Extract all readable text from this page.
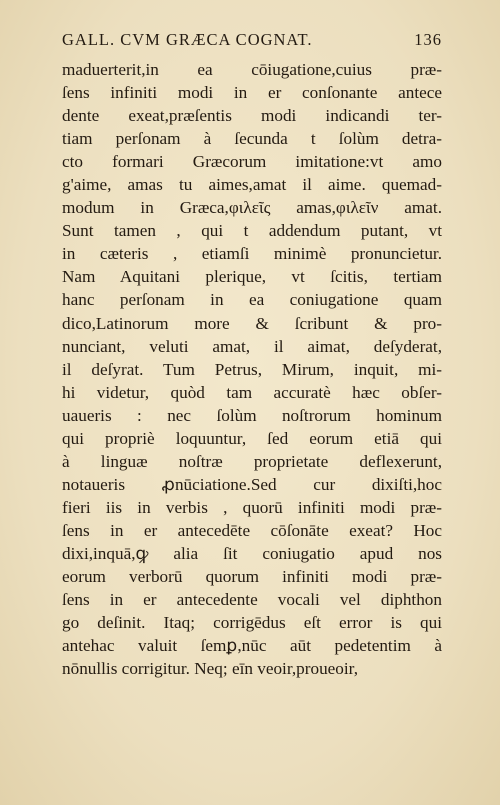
GALL. CVM GRÆCA COGNAT.	136
maduerterit,in ea cōiugatione,cuius præ-
ſens infiniti modi in er conſonante antece
dente exeat,præſentis modi indicandi ter-
tiam perſonam à ſecunda t ſolùm detra-
cto formari Græcorum imitatione:vt amo
g'aime, amas tu aimes,amat il aime. quemad-
modum in Græca,φιλεῖς amas,φιλεῖν amat.
Sunt tamen , qui t addendum putant, vt
in cæteris , etiamſi minimè pronuncietur.
Nam Aquitani plerique, vt ſcitis, tertiam
hanc perſonam in ea coniugatione quam
dico,Latinorum more & ſcribunt & pro-
nunciant, veluti amat, il aimat, deſyderat,
il deſyrat. Tum Petrus, Mirum, inquit, mi-
hi videtur, quòd tam accuratè hæc obſer-
uaueris : nec ſolùm noſtrorum hominum
qui propriè loquuntur, ſed eorum etiā qui
à linguæ noſtræ proprietate deflexerunt,
notaueris ꝓnūciatione.Sed cur dixiſti,hoc
fieri iis in verbis , quorū infiniti modi præ-
ſens in er antecedēte cōſonāte exeat? Hoc
dixi,inquā,ꝙ alia ſit coniugatio apud nos
eorum verborū quorum infiniti modi præ-
ſens in er antecedente vocali vel diphthon
go deſinit. Itaq; corrigēdus eſt error is qui
antehac valuit ſemꝑ,nūc aūt pedetentim à
nōnullis corrigitur. Neq; eīn veoir,proueoir,
